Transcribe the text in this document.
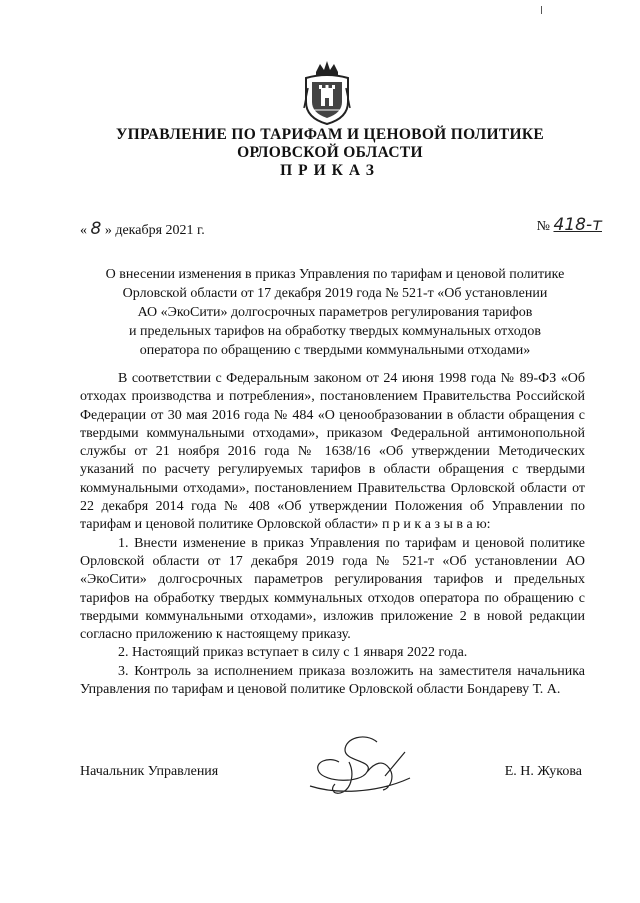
УПРАВЛЕНИЕ ПО ТАРИФАМ И ЦЕНОВОЙ ПОЛИТИКЕ
ОРЛОВСКОЙ ОБЛАСТИ
ПРИКАЗ
« 8 » декабря 2021 г.	№ 418-т
О внесении изменения в приказ Управления по тарифам и ценовой политике
Орловской области от 17 декабря 2019 года № 521-т «Об установлении
АО «ЭкоСити» долгосрочных параметров регулирования тарифов
и предельных тарифов на обработку твердых коммунальных отходов
оператора по обращению с твердыми коммунальными отходами»

В соответствии с Федеральным законом от 24 июня 1998 года № 89-ФЗ «Об отходах производства и потребления», постановлением Правительства Российской Федерации от 30 мая 2016 года № 484 «О ценообразовании в области обращения с твердыми коммунальными отходами», приказом Федеральной антимонопольной службы от 21 ноября 2016 года № 1638/16 «Об утверждении Методических указаний по расчету регулируемых тарифов в области обращения с твердыми коммунальными отходами», постановлением Правительства Орловской области от 22 декабря 2014 года № 408 «Об утверждении Положения об Управлении по тарифам и ценовой политике Орловской области» п р и к а з ы в а ю:

1. Внести изменение в приказ Управления по тарифам и ценовой политике Орловской области от 17 декабря 2019 года № 521-т «Об установлении АО «ЭкоСити» долгосрочных параметров регулирования тарифов и предельных тарифов на обработку твердых коммунальных отходов оператора по обращению с твердыми коммунальными отходами», изложив приложение 2 в новой редакции согласно приложению к настоящему приказу.

2. Настоящий приказ вступает в силу с 1 января 2022 года.

3. Контроль за исполнением приказа возложить на заместителя начальника Управления по тарифам и ценовой политике Орловской области Бондареву Т. А.

Начальник Управления	Е. Н. Жукова
